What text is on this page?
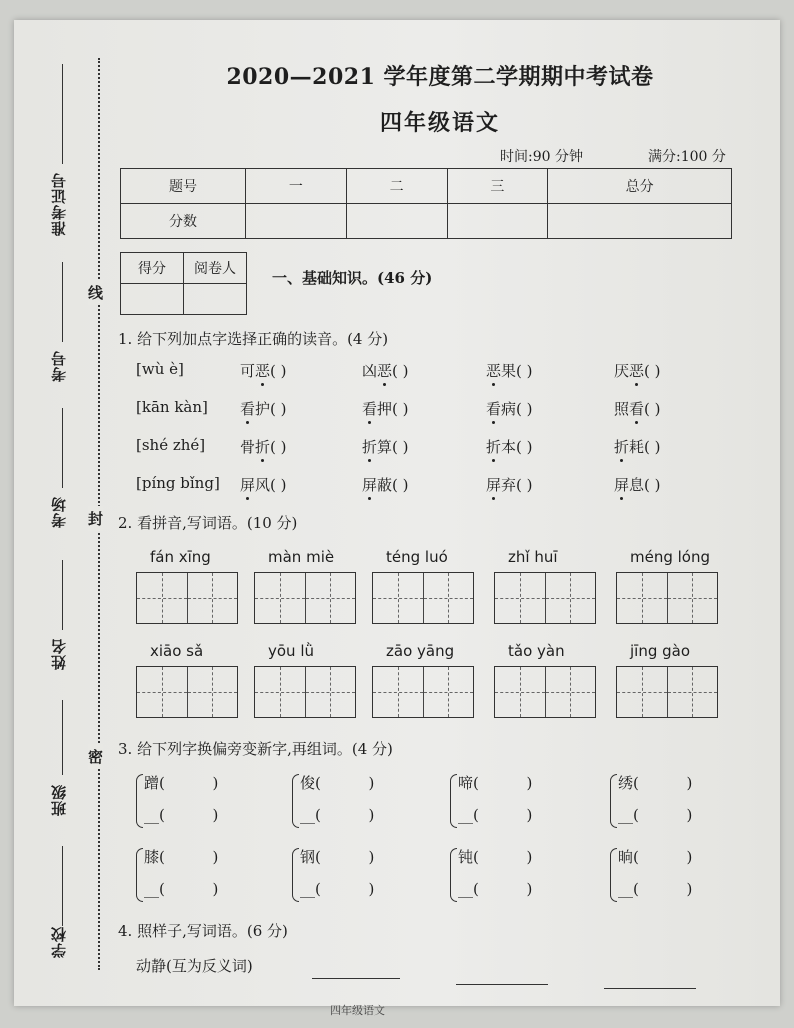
准考证号
考号
考场
姓名
班级
学校
线
封
密
2020—2021 学年度第二学期期中考试卷
四年级语文
时间:90 分钟	满分:100 分
题号	一	二	三	总分
分数				
得分	阅卷人
	一、基础知识。(46 分)
1. 给下列加点字选择正确的读音。(4 分)
[wù è]	可恶( )	凶恶( )	恶果( )	厌恶( )
[kān kàn] 看护( )	看押( )	看病( )	照看( )
[shé zhé] 骨折( )	折算( )	折本( )	折耗( )
[píng bǐng] 屏风( )	屏蔽( )	屏弃( )	屏息( )
2. 看拼音,写词语。(10 分)
fán xīng	màn miè	téng luó	zhǐ huī	méng lóng
xiāo sǎ	yōu lǜ	zāo yāng	tǎo yàn	jīng gào
3. 给下列字换偏旁变新字,再组词。(4 分)
蹭(          )
__(          )
俊(          )
__(          )
啼(          )
__(          )
绣(          )
__(          )
膝(          )
__(          )
钢(          )
__(          )
钝(          )
__(          )
晌(          )
__(          )
4. 照样子,写词语。(6 分)
动静(互为反义词)
四年级语文
